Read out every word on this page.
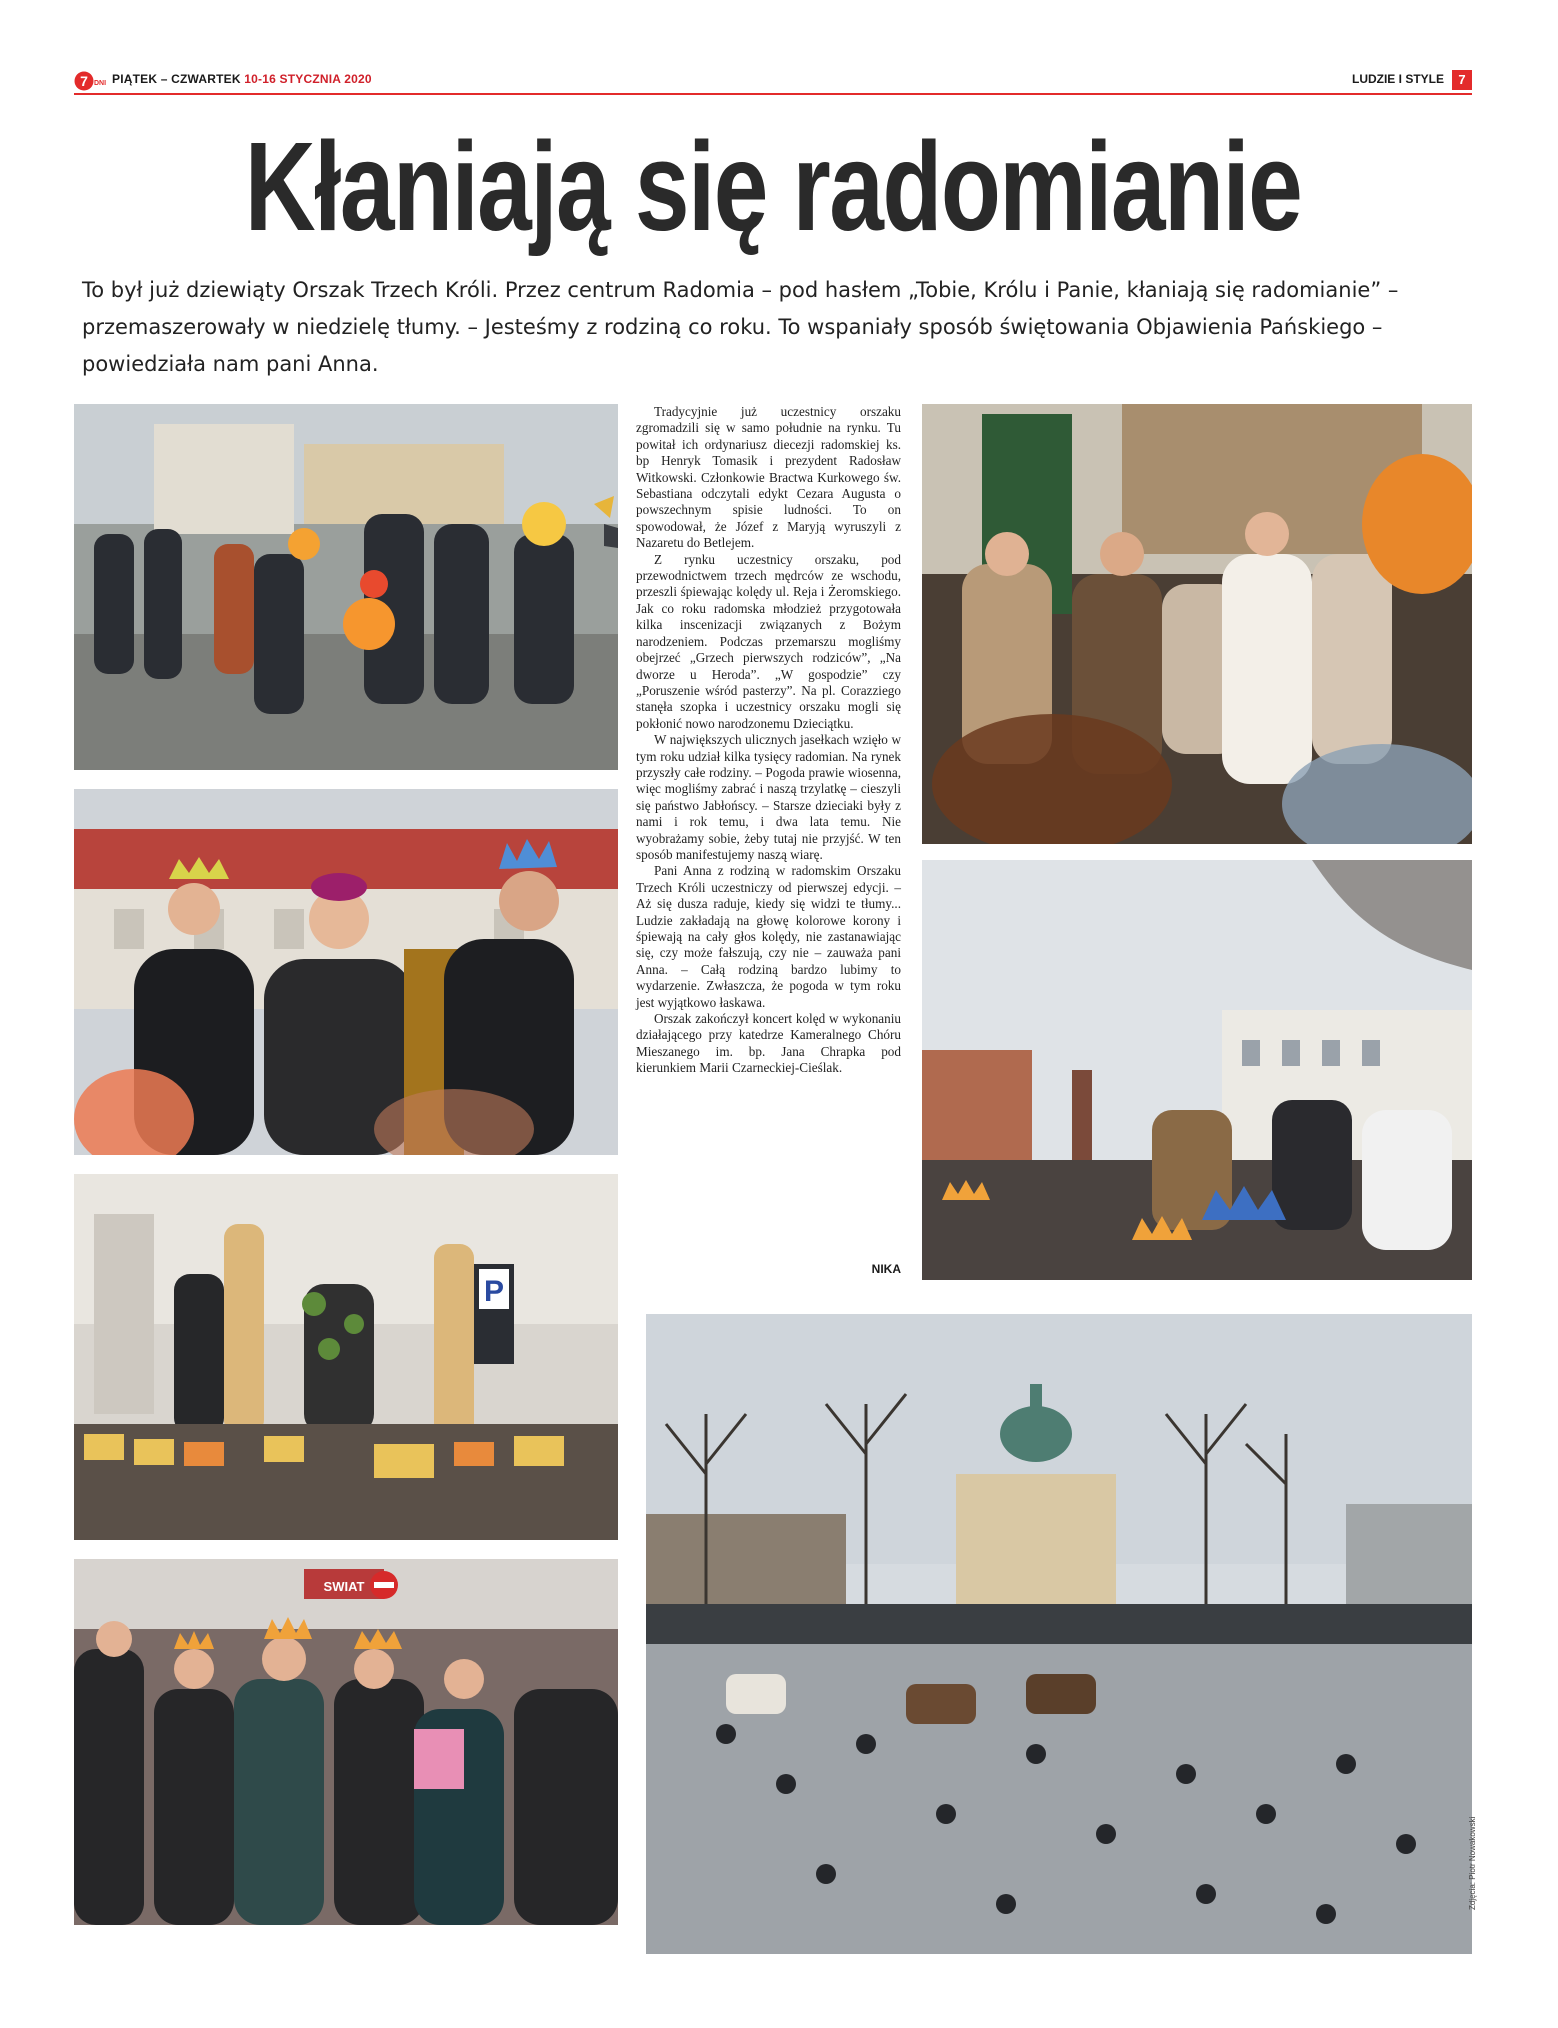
7 DNI PIĄTEK – CZWARTEK 10-16 STYCZNIA 2020	LUDZIE I STYLE	7
Kłaniają się radomianie
To był już dziewiąty Orszak Trzech Króli. Przez centrum Radomia – pod hasłem „Tobie, Królu i Panie, kłaniają się radomianie” – przemaszerowały w niedzielę tłumy. – Jesteśmy z rodziną co roku. To wspaniały sposób świętowania Objawienia Pańskiego – powiedziała nam pani Anna.
P
SWIAT

Tradycyjnie już uczestnicy orszaku zgromadzili się w samo południe na rynku. Tu powitał ich ordynariusz diecezji radomskiej ks. bp Henryk Tomasik i prezydent Radosław Witkowski. Członkowie Bractwa Kurkowego św. Sebastiana odczytali edykt Cezara Augusta o powszechnym spisie ludności. To on spowodował, że Józef z Maryją wyruszyli z Nazaretu do Betlejem.

Z rynku uczestnicy orszaku, pod przewodnictwem trzech mędrców ze wschodu, przeszli śpiewając kolędy ul. Reja i Żeromskiego. Jak co roku radomska młodzież przygotowała kilka inscenizacji związanych z Bożym narodzeniem. Podczas przemarszu mogliśmy obejrzeć „Grzech pierwszych rodziców”, „Na dworze u Heroda”. „W gospodzie” czy „Poruszenie wśród pasterzy”. Na pl. Corazziego stanęła szopka i uczestnicy orszaku mogli się pokłonić nowo narodzonemu Dzieciątku.

W największych ulicznych jasełkach wzięło w tym roku udział kilka tysięcy radomian. Na rynek przyszły całe rodziny. – Pogoda prawie wiosenna, więc mogliśmy zabrać i naszą trzylatkę – cieszyli się państwo Jabłońscy. – Starsze dzieciaki były z nami i rok temu, i dwa lata temu. Nie wyobrażamy sobie, żeby tutaj nie przyjść. W ten sposób manifestujemy naszą wiarę.

Pani Anna z rodziną w radomskim Orszaku Trzech Króli uczestniczy od pierwszej edycji. – Aż się dusza raduje, kiedy się widzi te tłumy... Ludzie zakładają na głowę kolorowe korony i śpiewają na cały głos kolędy, nie zastanawiając się, czy może fałszują, czy nie – zauważa pani Anna. – Całą rodziną bardzo lubimy to wydarzenie. Zwłaszcza, że pogoda w tym roku jest wyjątkowo łaskawa.

Orszak zakończył koncert kolęd w wykonaniu działającego przy katedrze Kameralnego Chóru Mieszanego im. bp. Jana Chrapka pod kierunkiem Marii Czarneckiej-Cieślak.

NIKA
Zdjęcia: Piotr Nowakowski
